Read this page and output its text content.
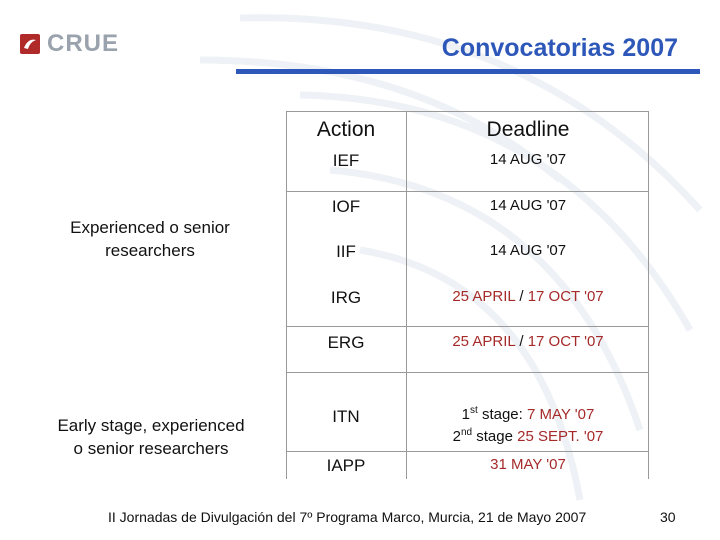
CRUE	Convocatorias 2007
Experienced o senior
researchers
Early stage, experienced
o senior researchers
Action	Deadline
IEF	14 AUG '07
IOF	14 AUG '07
IIF	14 AUG '07
IRG	25 APRIL / 17 OCT '07
ERG	25 APRIL / 17 OCT '07
ITN	1st stage: 7 MAY '07
2nd stage 25 SEPT. '07
IAPP	31 MAY '07
II Jornadas de Divulgación del 7º Programa Marco, Murcia, 21 de Mayo 2007	30
